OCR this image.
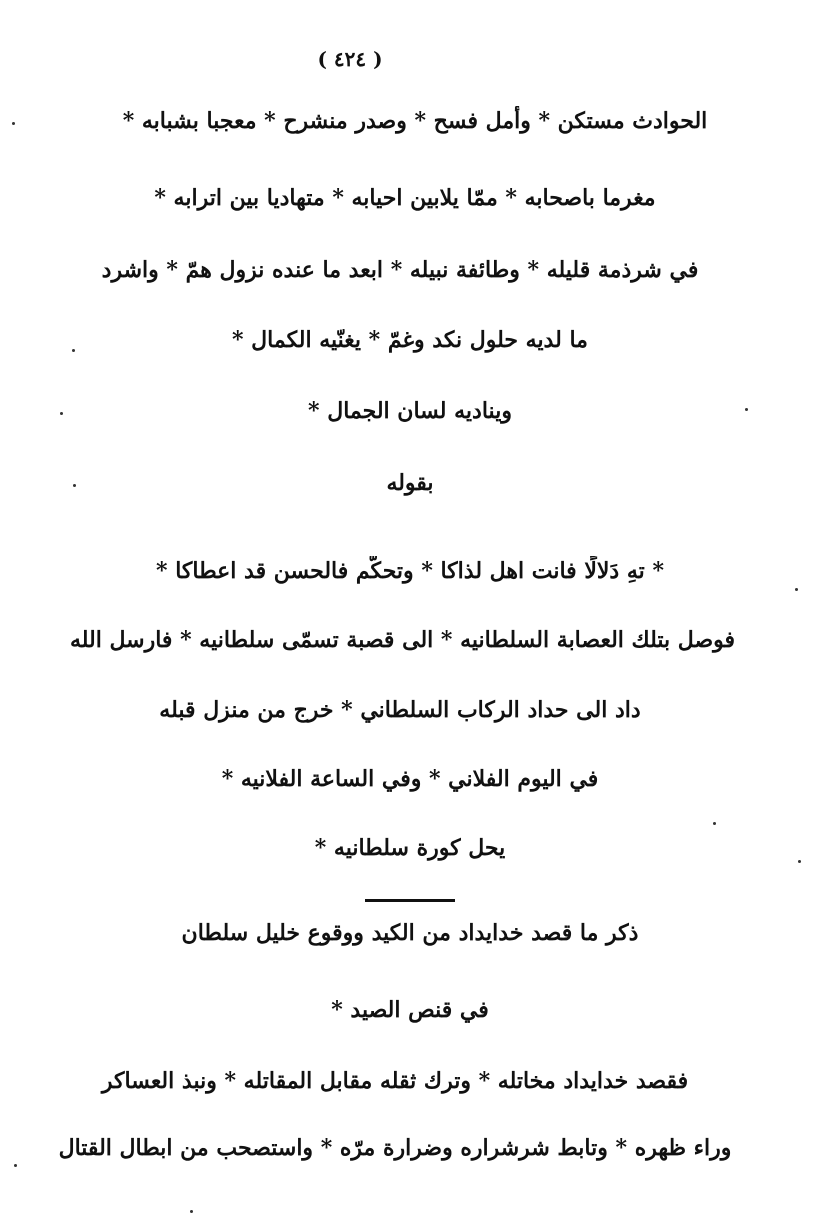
( ٤٢٤ )
الحوادث مستكن * وأمل فسح * وصدر منشرح * معجبا بشبابه *
مغرما باصحابه * ممّا يلابين احيابه * متهاديا بين اترابه *
في شرذمة قليله * وطائفة نبيله * ابعد ما عنده نزول همّ * واشرد
ما لديه حلول نكد وغمّ * يغنّيه الكمال *
ويناديه لسان الجمال *
بقوله
* تهِ دَلالًا فانت اهل لذاكا * وتحكّم فالحسن قد اعطاكا *
فوصل بتلك العصابة السلطانيه * الى قصبة تسمّى سلطانيه * فارسل الله
داد الى حداد الركاب السلطاني * خرج من منزل قبله
في اليوم الفلاني * وفي الساعة الفلانيه *
يحل كورة سلطانيه *
ذكر ما قصد خدايداد من الكيد ووقوع خليل سلطان
في قنص الصيد *
فقصد خدايداد مخاتله * وترك ثقله مقابل المقاتله * ونبذ العساكر
وراء ظهره * وتابط شرشراره وضرارة مرّه * واستصحب من ابطال القتال
